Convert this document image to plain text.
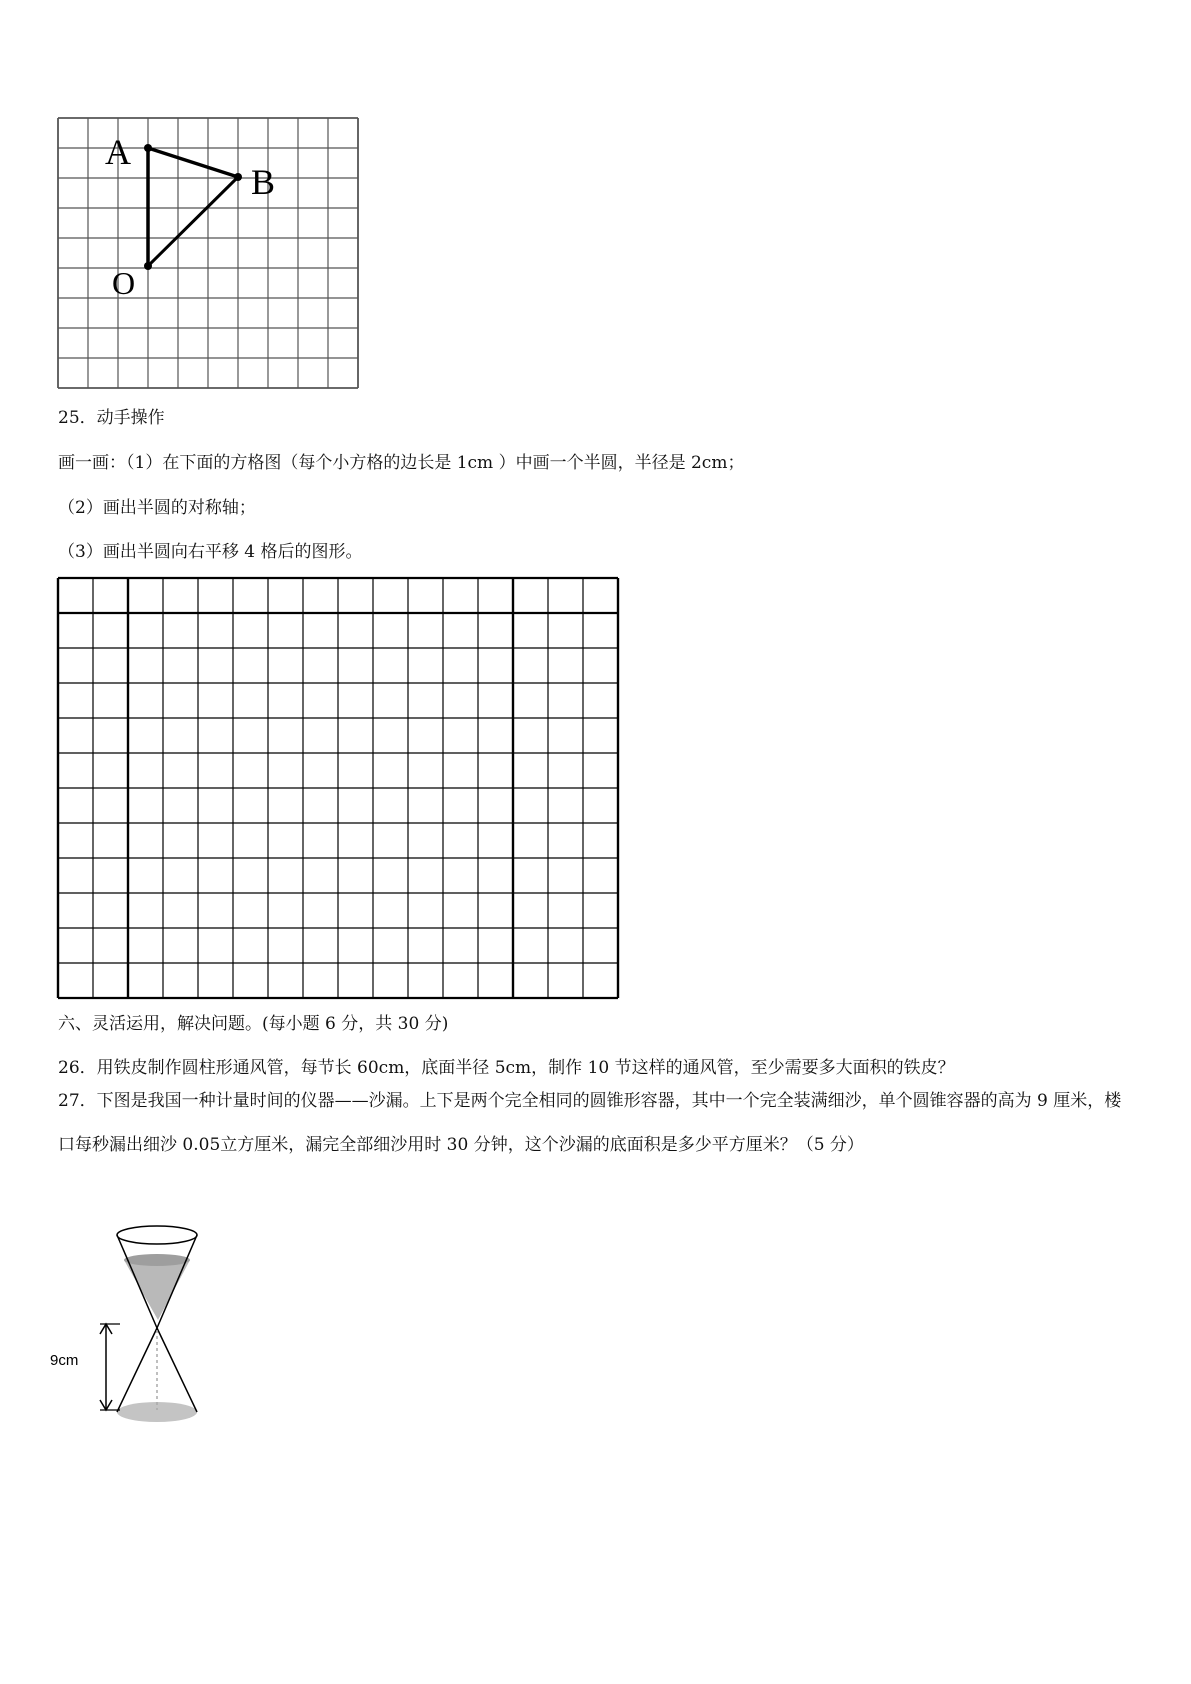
A
B
O
25．动手操作
画一画：（1）在下面的方格图（每个小方格的边长是 1cm ）中画一个半圆，半径是 2cm；
（2）画出半圆的对称轴；
（3）画出半圆向右平移 4 格后的图形。
六、灵活运用，解决问题。(每小题 6 分，共 30 分)
26．用铁皮制作圆柱形通风管，每节长 60cm，底面半径 5cm，制作 10 节这样的通风管，至少需要多大面积的铁皮？
27．下图是我国一种计量时间的仪器——沙漏。上下是两个完全相同的圆锥形容器，其中一个完全装满细沙，单个圆锥容器的高为 9 厘米，楼口每秒漏出细沙 0.05立方厘米，漏完全部细沙用时 30 分钟，这个沙漏的底面积是多少平方厘米？（5 分）
9cm
